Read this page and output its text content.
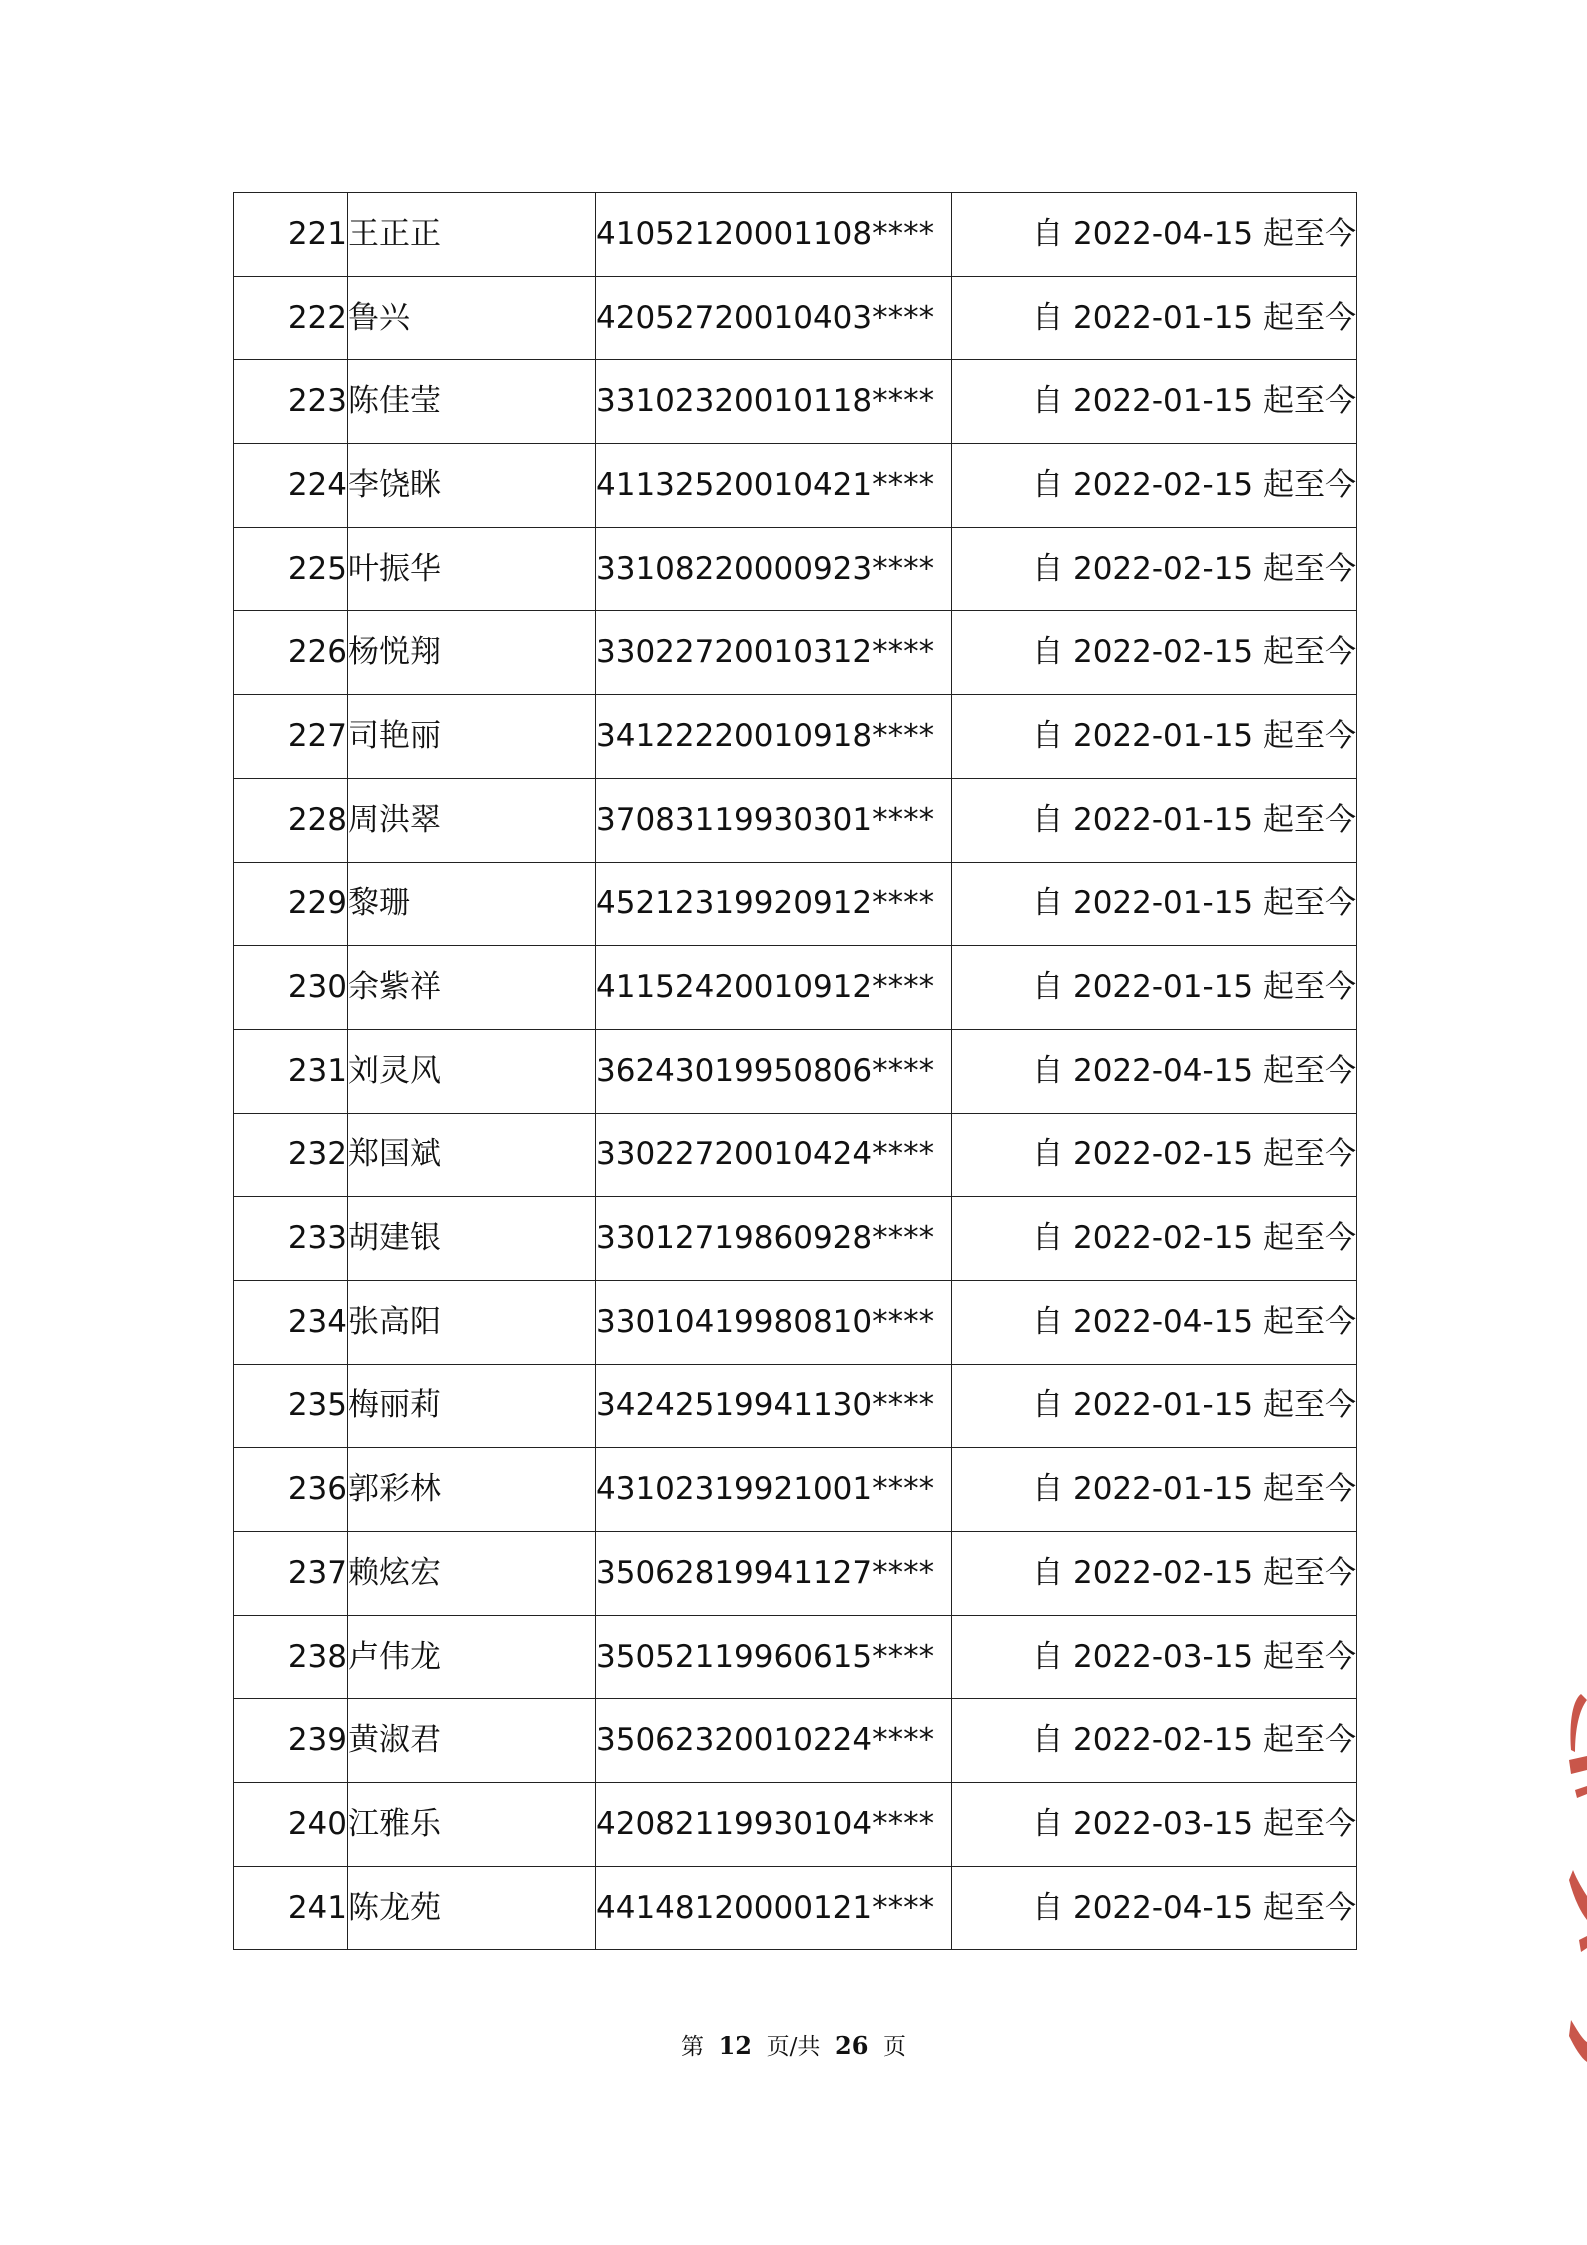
221	王正正	41052120001108****	自 2022-04-15 起至今
222	鲁兴	42052720010403****	自 2022-01-15 起至今
223	陈佳莹	33102320010118****	自 2022-01-15 起至今
224	李饶眯	41132520010421****	自 2022-02-15 起至今
225	叶振华	33108220000923****	自 2022-02-15 起至今
226	杨悦翔	33022720010312****	自 2022-02-15 起至今
227	司艳丽	34122220010918****	自 2022-01-15 起至今
228	周洪翠	37083119930301****	自 2022-01-15 起至今
229	黎珊	45212319920912****	自 2022-01-15 起至今
230	余紫祥	41152420010912****	自 2022-01-15 起至今
231	刘灵风	36243019950806****	自 2022-04-15 起至今
232	郑国斌	33022720010424****	自 2022-02-15 起至今
233	胡建银	33012719860928****	自 2022-02-15 起至今
234	张高阳	33010419980810****	自 2022-04-15 起至今
235	梅丽莉	34242519941130****	自 2022-01-15 起至今
236	郭彩林	43102319921001****	自 2022-01-15 起至今
237	赖炫宏	35062819941127****	自 2022-02-15 起至今
238	卢伟龙	35052119960615****	自 2022-03-15 起至今
239	黄淑君	35062320010224****	自 2022-02-15 起至今
240	江雅乐	42082119930104****	自 2022-03-15 起至今
241	陈龙苑	44148120000121****	自 2022-04-15 起至今
第 12 页/共 26 页
